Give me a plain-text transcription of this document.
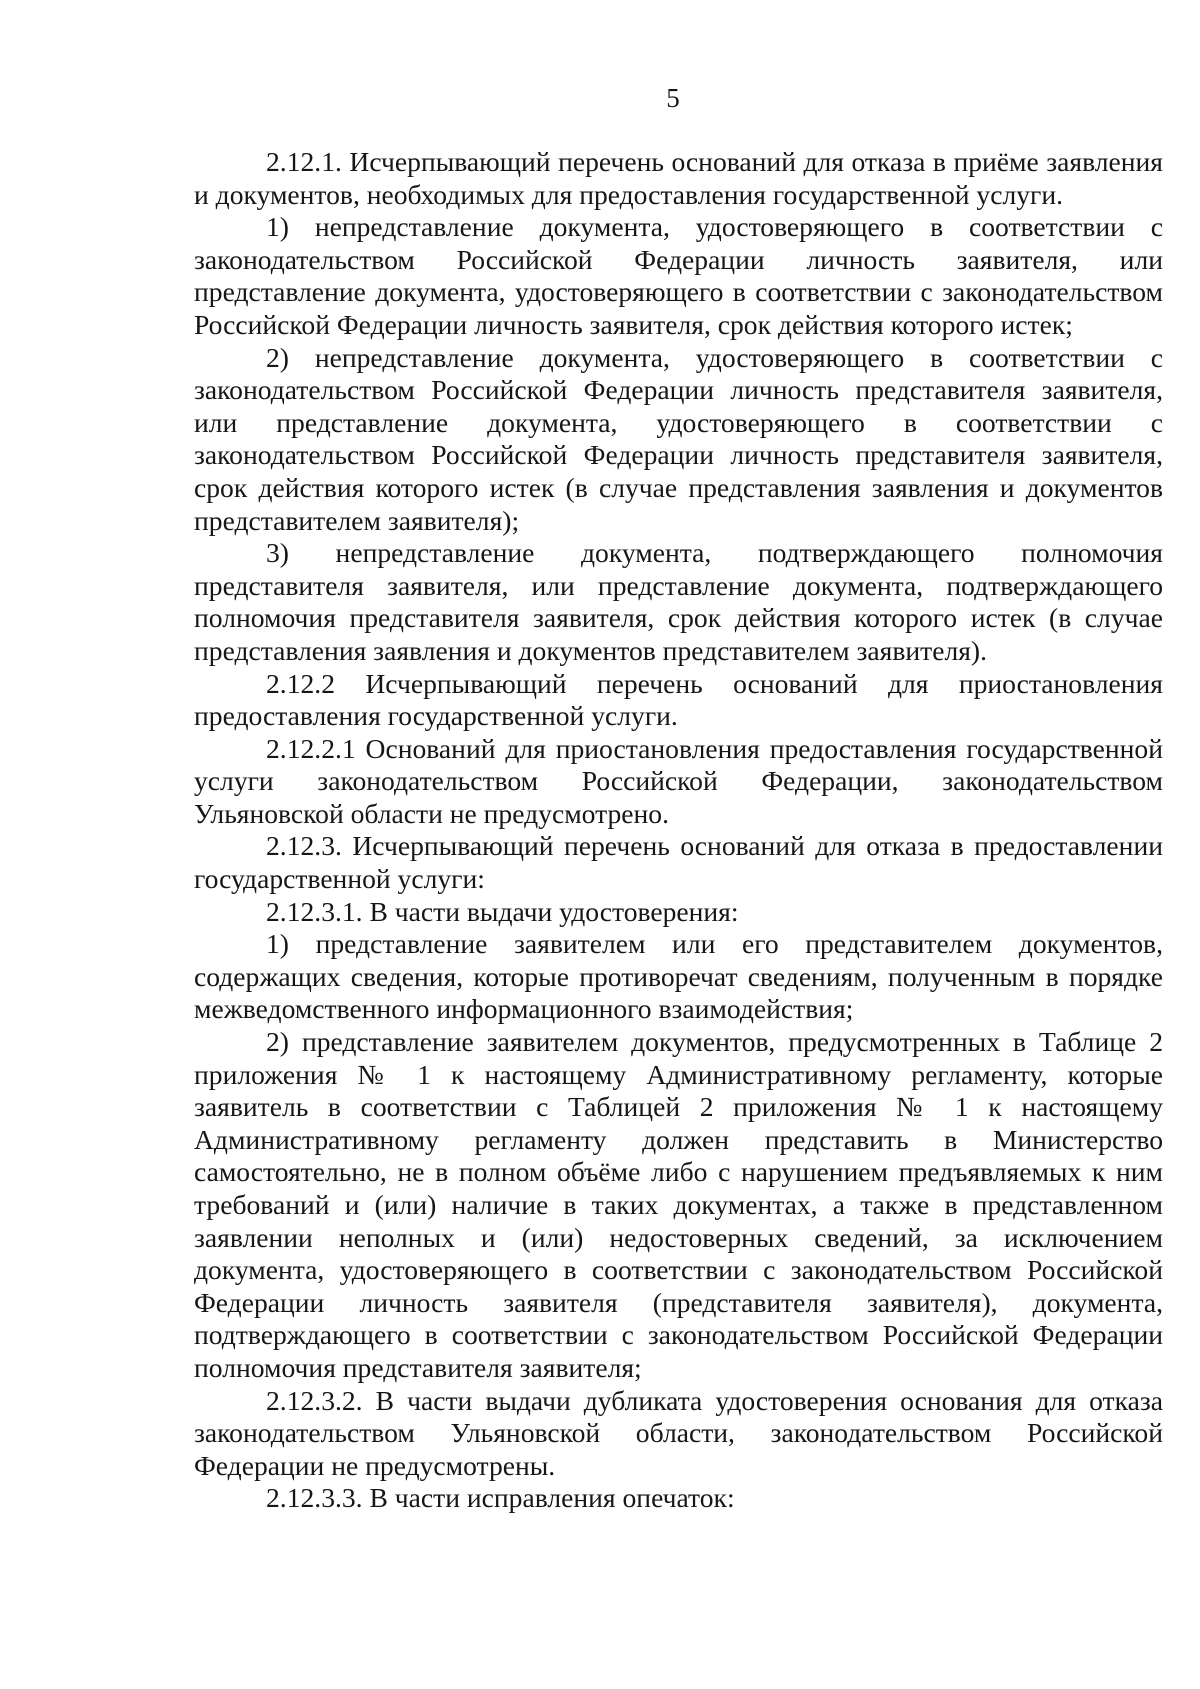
5

2.12.1. Исчерпывающий перечень оснований для отказа в приёме заявления и документов, необходимых для предоставления государственной услуги.

1) непредставление документа, удостоверяющего в соответствии с законодательством Российской Федерации личность заявителя, или представление документа, удостоверяющего в соответствии с законодательством Российской Федерации личность заявителя, срок действия которого истек;

2) непредставление документа, удостоверяющего в соответствии с законодательством Российской Федерации личность представителя заявителя, или представление документа, удостоверяющего в соответствии с законодательством Российской Федерации личность представителя заявителя, срок действия которого истек (в случае представления заявления и документов представителем заявителя);

3) непредставление документа, подтверждающего полномочия представителя заявителя, или представление документа, подтверждающего полномочия представителя заявителя, срок действия которого истек (в случае представления заявления и документов представителем заявителя).

2.12.2 Исчерпывающий перечень оснований для приостановления предоставления государственной услуги.

2.12.2.1 Оснований для приостановления предоставления государственной услуги законодательством Российской Федерации, законодательством Ульяновской области не предусмотрено.

2.12.3. Исчерпывающий перечень оснований для отказа в предоставлении государственной услуги:

2.12.3.1. В части выдачи удостоверения:

1) представление заявителем или его представителем документов, содержащих сведения, которые противоречат сведениям, полученным в порядке межведомственного информационного взаимодействия;

2) представление заявителем документов, предусмотренных в Таблице 2 приложения № 1 к настоящему Административному регламенту, которые заявитель в соответствии с Таблицей 2 приложения № 1 к настоящему Административному регламенту должен представить в Министерство самостоятельно, не в полном объёме либо с нарушением предъявляемых к ним требований и (или) наличие в таких документах, а также в представленном заявлении неполных и (или) недостоверных сведений, за исключением документа, удостоверяющего в соответствии с законодательством Российской Федерации личность заявителя (представителя заявителя), документа, подтверждающего в соответствии с законодательством Российской Федерации полномочия представителя заявителя;

2.12.3.2. В части выдачи дубликата удостоверения основания для отказа законодательством Ульяновской области, законодательством Российской Федерации не предусмотрены.

2.12.3.3. В части исправления опечаток:
